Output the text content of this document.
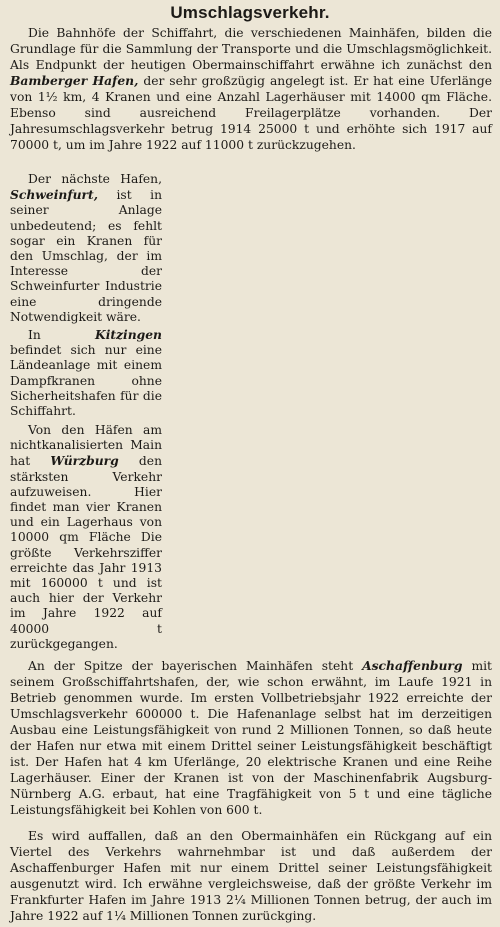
Umschlagsverkehr.

Die Bahnhöfe der Schiffahrt, die verschiedenen Mainhäfen, bilden die Grundlage für die Sammlung der Transporte und die Umschlagsmöglichkeit. Als Endpunkt der heutigen Obermainschiffahrt erwähne ich zunächst den Bamberger Hafen, der sehr großzügig angelegt ist. Er hat eine Uferlänge von 1½ km, 4 Kranen und eine Anzahl Lagerhäuser mit 14000 qm Fläche. Ebenso sind ausreichend Freilagerplätze vorhanden. Der Jahresumschlagsverkehr betrug 1914 25000 t und erhöhte sich 1917 auf 70000 t, um im Jahre 1922 auf 11000 t zurückzugehen.

Der nächste Hafen, Schweinfurt, ist in seiner Anlage unbedeutend; es fehlt sogar ein Kranen für den Umschlag, der im Interesse der Schweinfurter Industrie eine dringende Notwendigkeit wäre.

In Kitzingen befindet sich nur eine Ländeanlage mit einem Dampfkranen ohne Sicherheitshafen für die Schiffahrt.

Von den Häfen am nichtkanalisierten Main hat Würzburg den stärksten Verkehr aufzuweisen. Hier findet man vier Kranen und ein Lagerhaus von 10000 qm Fläche Die größte Verkehrsziffer erreichte das Jahr 1913 mit 160000 t und ist auch hier der Verkehr im Jahre 1922 auf 40000 t zurückgegangen.

An der Spitze der bayerischen Mainhäfen steht Aschaffenburg mit seinem Großschiffahrtshafen, der, wie schon erwähnt, im Laufe 1921 in Betrieb genommen wurde. Im ersten Vollbetriebsjahr 1922 erreichte der Umschlagsverkehr 600000 t. Die Hafenanlage selbst hat im derzeitigen Ausbau eine Leistungsfähigkeit von rund 2 Millionen Tonnen, so daß heute der Hafen nur etwa mit einem Drittel seiner Leistungsfähigkeit beschäftigt ist. Der Hafen hat 4 km Uferlänge, 20 elektrische Kranen und eine Reihe Lagerhäuser. Einer der Kranen ist von der Maschinenfabrik Augsburg-Nürnberg A.G. erbaut, hat eine Tragfähigkeit von 5 t und eine tägliche Leistungsfähigkeit bei Kohlen von 600 t.

Es wird auffallen, daß an den Obermainhäfen ein Rückgang auf ein Viertel des Verkehrs wahrnehmbar ist und daß außerdem der Aschaffenburger Hafen mit nur einem Drittel seiner Leistungsfähigkeit ausgenutzt wird. Ich erwähne vergleichsweise, daß der größte Verkehr im Frankfurter Hafen im Jahre 1913 2¼ Millionen Tonnen betrug, der auch im Jahre 1922 auf 1¼ Millionen Tonnen zurückging.
